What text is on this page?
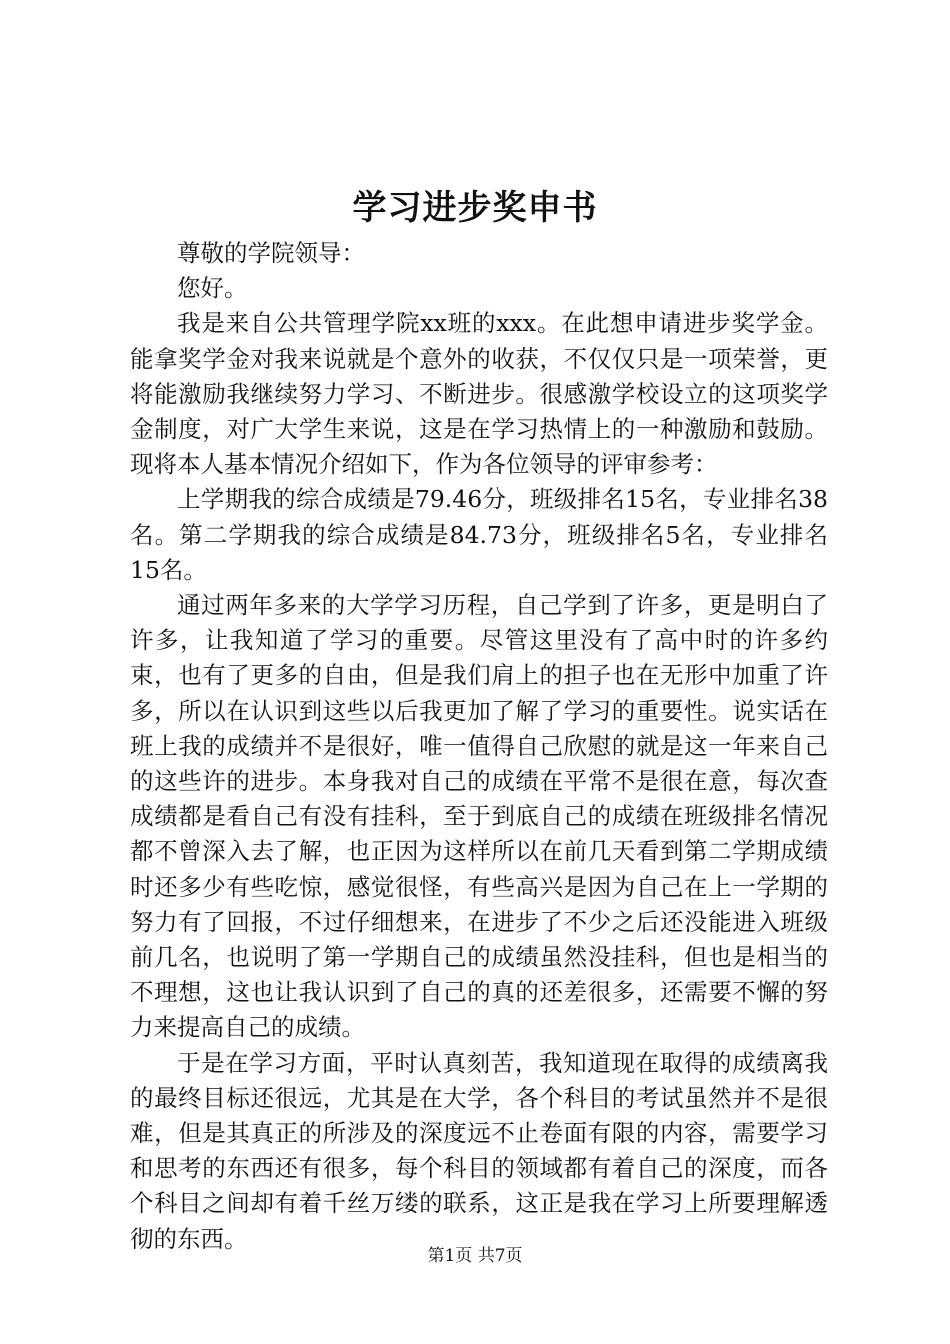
学习进步奖申书

尊敬的学院领导：

您好。

我是来自公共管理学院xx班的xxx。在此想申请进步奖学金。能拿奖学金对我来说就是个意外的收获，不仅仅只是一项荣誉，更将能激励我继续努力学习、不断进步。很感激学校设立的这项奖学金制度，对广大学生来说，这是在学习热情上的一种激励和鼓励。现将本人基本情况介绍如下，作为各位领导的评审参考：

上学期我的综合成绩是79.46分，班级排名15名，专业排名38名。第二学期我的综合成绩是84.73分，班级排名5名，专业排名15名。

通过两年多来的大学学习历程，自己学到了许多，更是明白了许多，让我知道了学习的重要。尽管这里没有了高中时的许多约束，也有了更多的自由，但是我们肩上的担子也在无形中加重了许多，所以在认识到这些以后我更加了解了学习的重要性。说实话在班上我的成绩并不是很好，唯一值得自己欣慰的就是这一年来自己的这些许的进步。本身我对自己的成绩在平常不是很在意，每次查成绩都是看自己有没有挂科，至于到底自己的成绩在班级排名情况都不曾深入去了解，也正因为这样所以在前几天看到第二学期成绩时还多少有些吃惊，感觉很怪，有些高兴是因为自己在上一学期的努力有了回报，不过仔细想来，在进步了不少之后还没能进入班级前几名，也说明了第一学期自己的成绩虽然没挂科，但也是相当的不理想，这也让我认识到了自己的真的还差很多，还需要不懈的努力来提高自己的成绩。

于是在学习方面，平时认真刻苦，我知道现在取得的成绩离我的最终目标还很远，尤其是在大学，各个科目的考试虽然并不是很难，但是其真正的所涉及的深度远不止卷面有限的内容，需要学习和思考的东西还有很多，每个科目的领域都有着自己的深度，而各个科目之间却有着千丝万缕的联系，这正是我在学习上所要理解透彻的东西。

第1页 共7页
